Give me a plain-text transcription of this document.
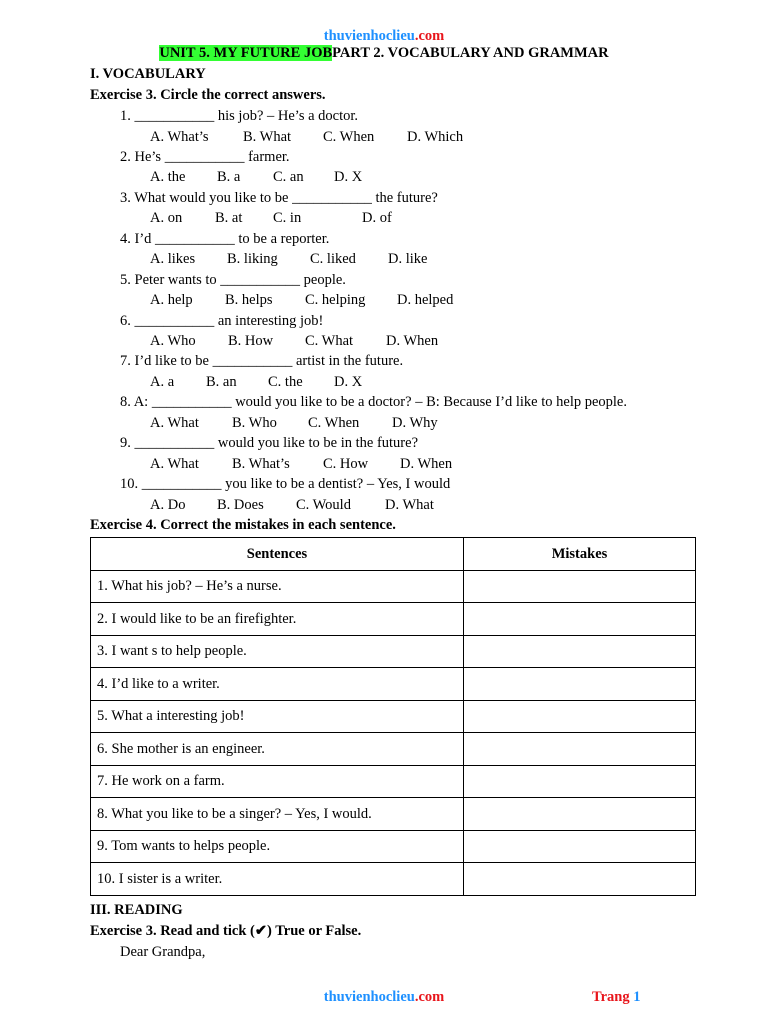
thuvienhoclieu.com
UNIT 5. MY FUTURE JOBPART 2. VOCABULARY AND GRAMMAR
I. VOCABULARY
Exercise 3. Circle the correct answers.
1. ___________ his job? – He’s a doctor.
A. What’s B. What C. When D. Which
2. He’s ___________ farmer.
A. the B. a C. an D. X
3. What would you like to be ___________ the future?
A. on B. at C. in	D. of
4. I’d ___________ to be a reporter.
A. likes B. liking C. liked D. like
5. Peter wants to ___________ people.
A. help B. helps C. helping D. helped
6. ___________ an interesting job!
A. Who B. How C. What D. When
7. I’d like to be ___________ artist in the future.
A. a B. an C. the D. X
8. A: ___________ would you like to be a doctor? – B: Because I’d like to help people.
A. What B. Who C. When D. Why
9. ___________ would you like to be in the future?
A. What B. What’s C. How D. When
10. ___________ you like to be a dentist? – Yes, I would
A. Do B. Does C. Would D. What
Exercise 4. Correct the mistakes in each sentence.
Sentences	Mistakes
1. What his job? – He’s a nurse.	
2. I would like to be an firefighter.	
3. I want s to help people.	
4. I’d like to a writer.	
5. What a interesting job!	
6. She mother is an engineer.	
7. He work on a farm.	
8. What you like to be a singer? – Yes, I would.	
9. Tom wants to helps people.	
10. I sister is a writer.	
III. READING
Exercise 3. Read and tick (✔) True or False.
Dear Grandpa,
thuvienhoclieu.com	Trang 1
